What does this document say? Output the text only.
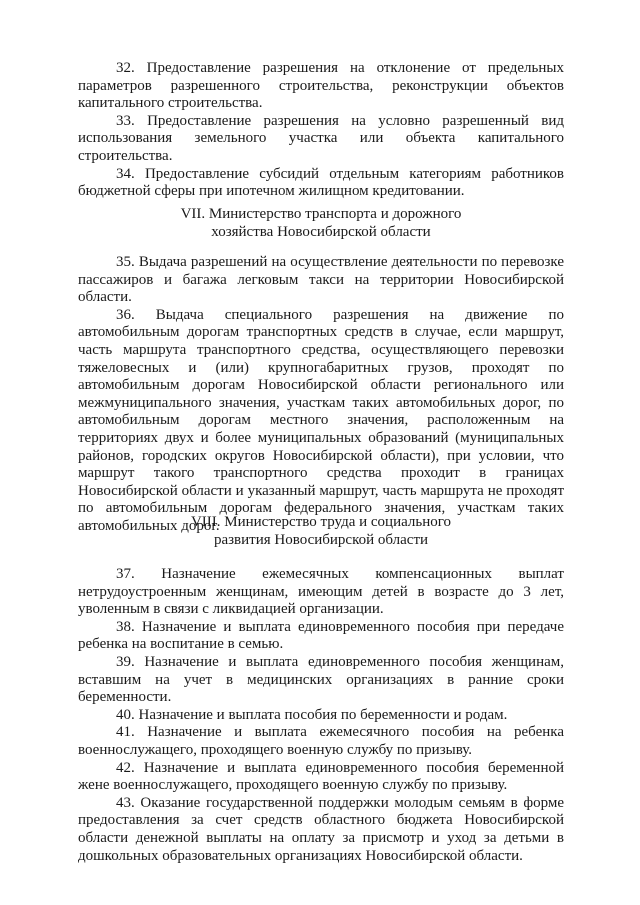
32. Предоставление разрешения на отклонение от предельных параметров разрешенного строительства, реконструкции объектов капитального строительства.

33. Предоставление разрешения на условно разрешенный вид использования земельного участка или объекта капитального строительства.

34. Предоставление субсидий отдельным категориям работников бюджетной сферы при ипотечном жилищном кредитовании.

VII. Министерство транспорта и дорожного

хозяйства Новосибирской области

35. Выдача разрешений на осуществление деятельности по перевозке пассажиров и багажа легковым такси на территории Новосибирской области.

36. Выдача специального разрешения на движение по автомобильным дорогам транспортных средств в случае, если маршрут, часть маршрута транспортного средства, осуществляющего перевозки тяжеловесных и (или) крупногабаритных грузов, проходят по автомобильным дорогам Новосибирской области регионального или межмуниципального значения, участкам таких автомобильных дорог, по автомобильным дорогам местного значения, расположенным на территориях двух и более муниципальных образований (муниципальных районов, городских округов Новосибирской области), при условии, что маршрут такого транспортного средства проходит в границах Новосибирской области и указанный маршрут, часть маршрута не проходят по автомобильным дорогам федерального значения, участкам таких автомобильных дорог.

VIII. Министерство труда и социального

развития Новосибирской области

37. Назначение ежемесячных компенсационных выплат нетрудоустроенным женщинам, имеющим детей в возрасте до 3 лет, уволенным в связи с ликвидацией организации.

38. Назначение и выплата единовременного пособия при передаче ребенка на воспитание в семью.

39. Назначение и выплата единовременного пособия женщинам, вставшим на учет в медицинских организациях в ранние сроки беременности.

40. Назначение и выплата пособия по беременности и родам.

41. Назначение и выплата ежемесячного пособия на ребенка военнослужащего, проходящего военную службу по призыву.

42. Назначение и выплата единовременного пособия беременной жене военнослужащего, проходящего военную службу по призыву.

43. Оказание государственной поддержки молодым семьям в форме предоставления за счет средств областного бюджета Новосибирской области денежной выплаты на оплату за присмотр и уход за детьми в дошкольных образовательных организациях Новосибирской области.
